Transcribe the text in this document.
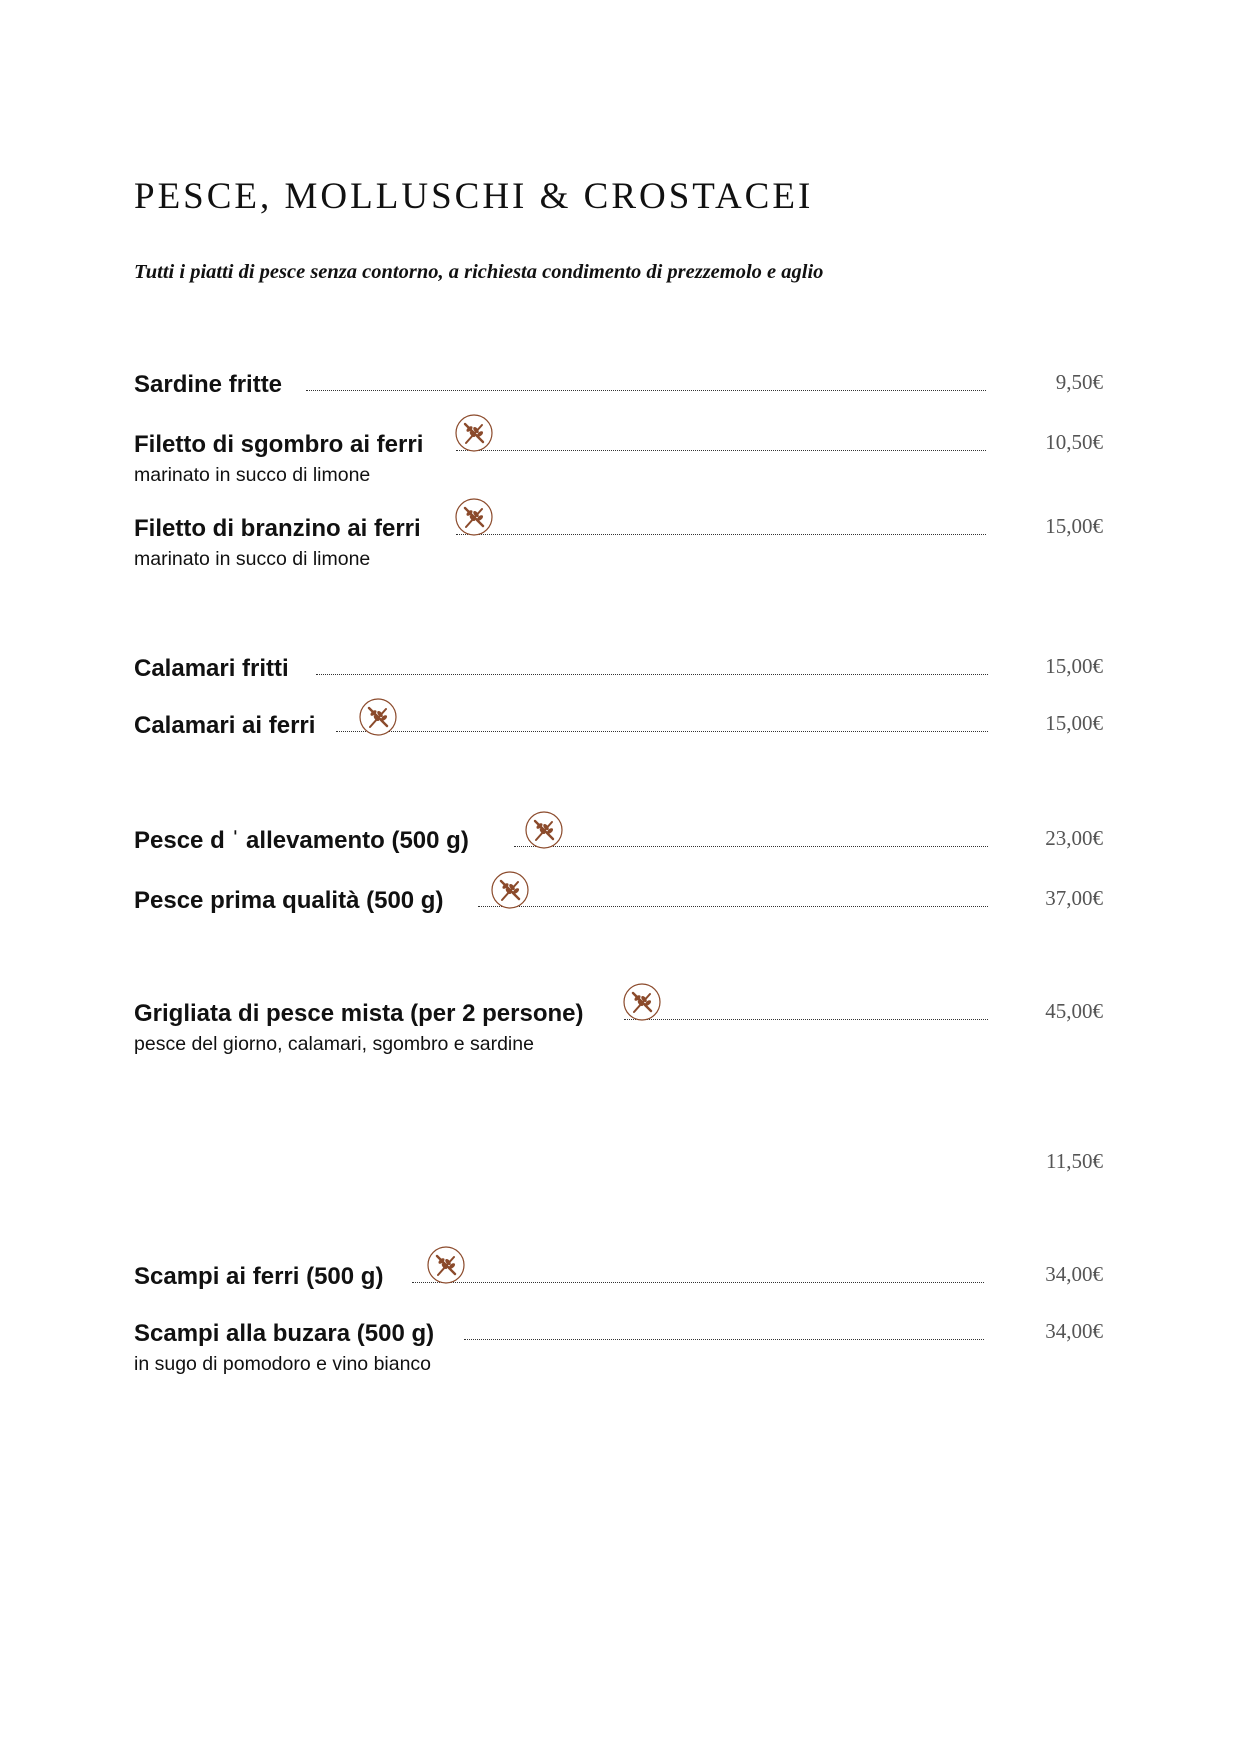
PESCE, MOLLUSCHI & CROSTACEI
Tutti i piatti di pesce senza contorno, a richiesta condimento di prezzemolo e aglio
Sardine fritte	9,50€
Filetto di sgombro ai ferri	10,50€
marinato in succo di limone
Filetto di branzino ai ferri	15,00€
marinato in succo di limone
Calamari fritti	15,00€
Calamari ai ferri	15,00€
Pesce d ˈ allevamento (500 g)	23,00€
Pesce prima qualità (500 g)	37,00€
Grigliata di pesce mista (per 2 persone)	45,00€
pesce del giorno, calamari, sgombro e sardine
11,50€
Scampi ai ferri (500 g)	34,00€
Scampi alla buzara (500 g)	34,00€
in sugo di pomodoro e vino bianco
